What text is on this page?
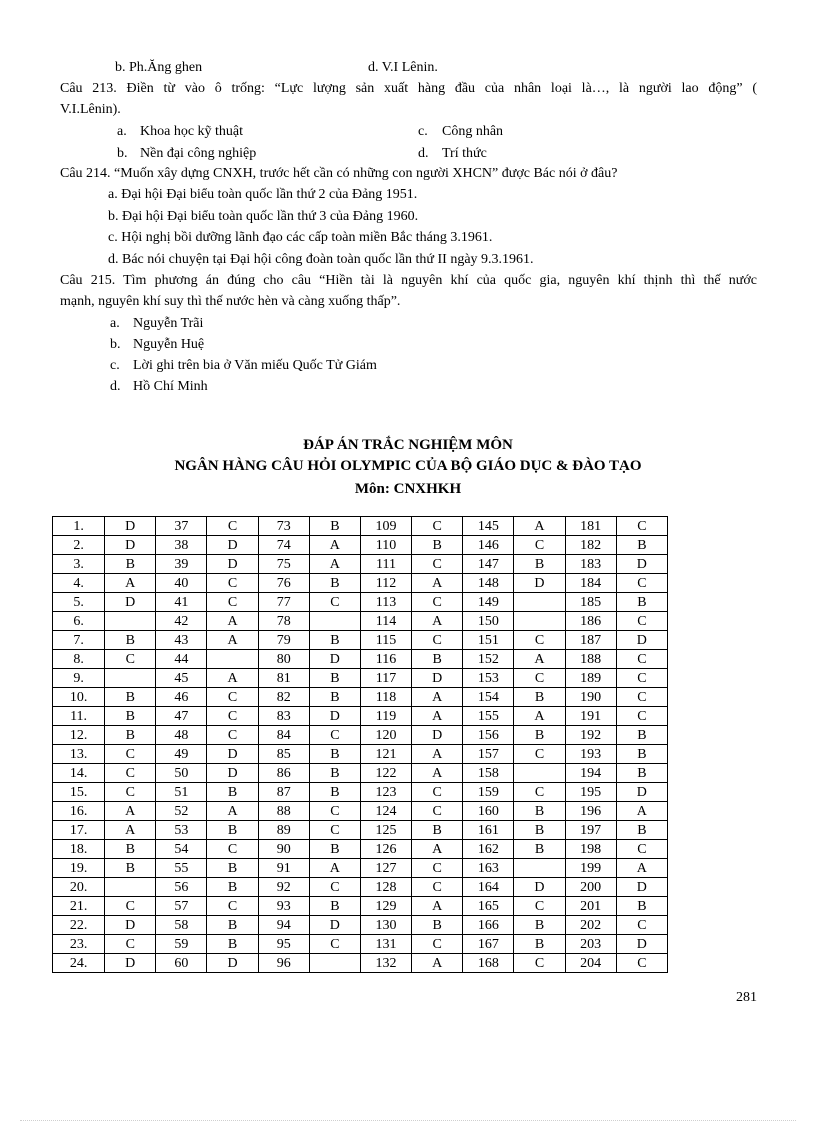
b. Ph.Ăng ghen	d. V.I Lênin.
Câu 213. Điền từ vào ô trống: “Lực lượng sản xuất hàng đầu của nhân loại là…, là người lao động” (
V.I.Lênin).
a. Khoa học kỹ thuật	c. Công nhân
b. Nền đại công nghiệp	d. Trí thức
Câu 214. “Muốn xây dựng CNXH, trước hết cần có những con người XHCN” được Bác nói ở đâu?
a. Đại hội Đại biểu toàn quốc lần thứ 2 của Đảng 1951.
b. Đại hội Đại biểu toàn quốc lần thứ 3 của Đảng 1960.
c. Hội nghị bồi dưỡng lãnh đạo các cấp toàn miền Bắc tháng 3.1961.
d. Bác nói chuyện tại Đại hội công đoàn toàn quốc lần thứ II ngày 9.3.1961.
Câu 215. Tìm phương án đúng cho câu “Hiền tài là nguyên khí của quốc gia, nguyên khí thịnh thì thế nước
mạnh, nguyên khí suy thì thế nước hèn và càng xuống thấp”.
a. Nguyễn Trãi
b. Nguyễn Huệ
c. Lời ghi trên bia ở Văn miếu Quốc Tử Giám
d. Hồ Chí Minh
ĐÁP ÁN TRẮC NGHIỆM MÔN
NGÂN HÀNG CÂU HỎI OLYMPIC CỦA BỘ GIÁO DỤC & ĐÀO TẠO
Môn: CNXHKH
1.	D	37	C	73	B	109	C	145	A	181	C
2.	D	38	D	74	A	110	B	146	C	182	B
3.	B	39	D	75	A	111	C	147	B	183	D
4.	A	40	C	76	B	112	A	148	D	184	C
5.	D	41	C	77	C	113	C	149		185	B
6.		42	A	78		114	A	150		186	C
7.	B	43	A	79	B	115	C	151	C	187	D
8.	C	44		80	D	116	B	152	A	188	C
9.		45	A	81	B	117	D	153	C	189	C
10.	B	46	C	82	B	118	A	154	B	190	C
11.	B	47	C	83	D	119	A	155	A	191	C
12.	B	48	C	84	C	120	D	156	B	192	B
13.	C	49	D	85	B	121	A	157	C	193	B
14.	C	50	D	86	B	122	A	158		194	B
15.	C	51	B	87	B	123	C	159	C	195	D
16.	A	52	A	88	C	124	C	160	B	196	A
17.	A	53	B	89	C	125	B	161	B	197	B
18.	B	54	C	90	B	126	A	162	B	198	C
19.	B	55	B	91	A	127	C	163		199	A
20.		56	B	92	C	128	C	164	D	200	D
21.	C	57	C	93	B	129	A	165	C	201	B
22.	D	58	B	94	D	130	B	166	B	202	C
23.	C	59	B	95	C	131	C	167	B	203	D
24.	D	60	D	96		132	A	168	C	204	C
281
